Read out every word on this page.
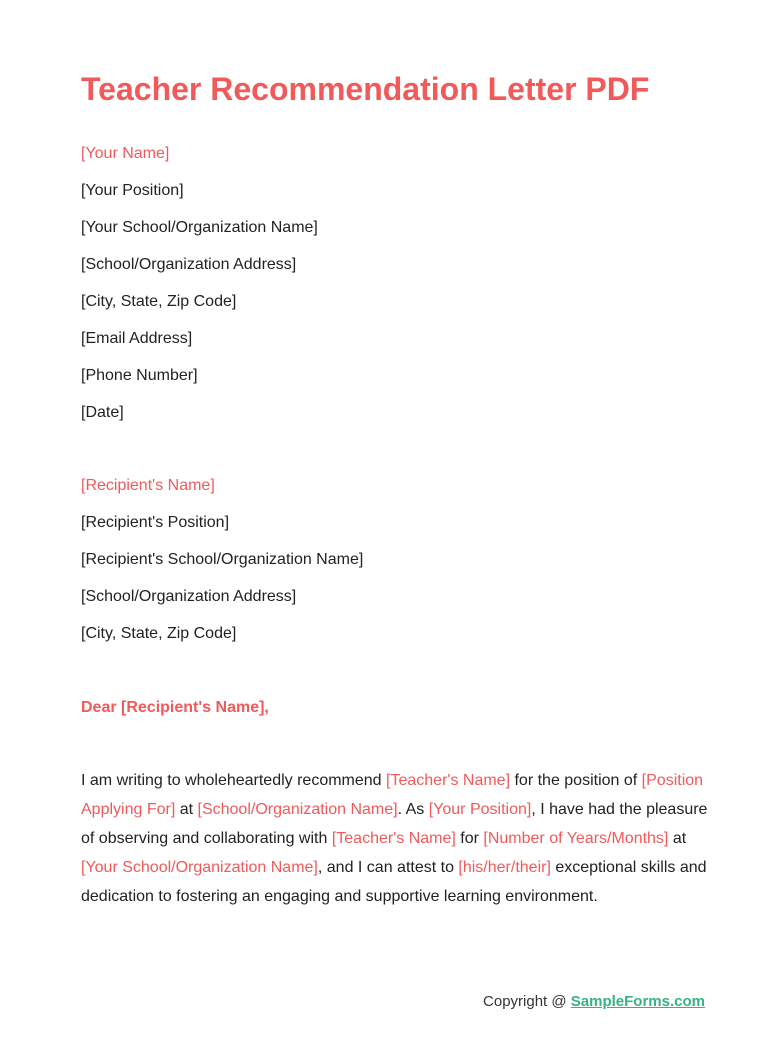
Teacher Recommendation Letter PDF
[Your Name]
[Your Position]
[Your School/Organization Name]
[School/Organization Address]
[City, State, Zip Code]
[Email Address]
[Phone Number]
[Date]
[Recipient's Name]
[Recipient's Position]
[Recipient's School/Organization Name]
[School/Organization Address]
[City, State, Zip Code]
Dear [Recipient's Name],

I am writing to wholeheartedly recommend [Teacher's Name] for the position of [Position Applying For] at [School/Organization Name]. As [Your Position], I have had the pleasure of observing and collaborating with [Teacher's Name] for [Number of Years/Months] at [Your School/Organization Name], and I can attest to [his/her/their] exceptional skills and dedication to fostering an engaging and supportive learning environment.

Copyright @ SampleForms.com
